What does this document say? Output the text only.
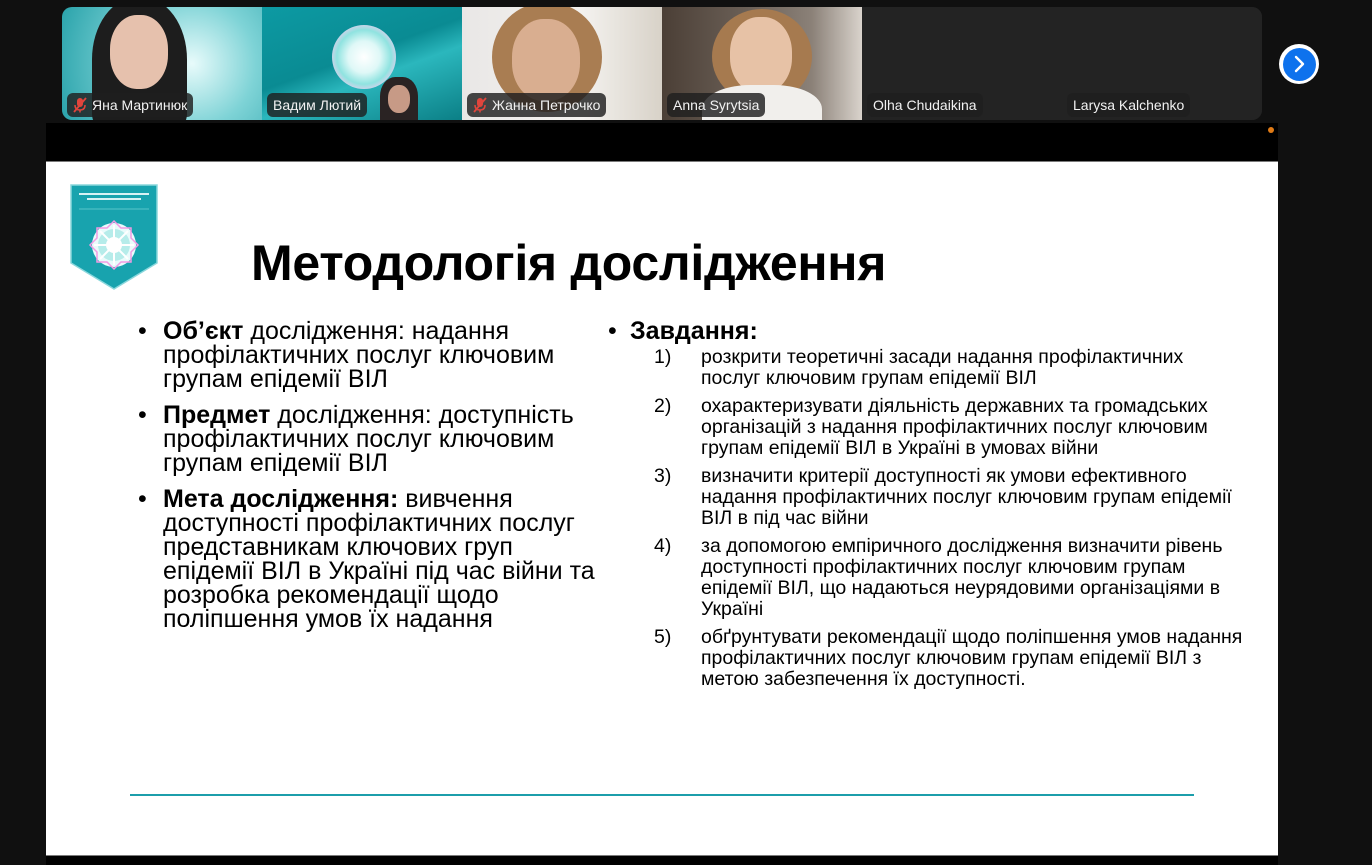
Яна Мартинюк	Вадим Лютий	Жанна Петрочко	Anna Syrytsia	Olha Chudaikina	Larysa Kalchenko
Методологія дослідження
• Об’єкт дослідження: надання профілактичних послуг ключовим групам епідемії ВІЛ
• Предмет дослідження: доступність профілактичних послуг ключовим групам епідемії ВІЛ
• Мета дослідження: вивчення доступності профілактичних послуг представникам ключових груп епідемії ВІЛ в Україні під час війни та розробка рекомендації щодо поліпшення умов їх надання
• Завдання:
1) розкрити теоретичні засади надання профілактичних послуг ключовим групам епідемії ВІЛ
2) охарактеризувати діяльність державних та громадських організацій з надання профілактичних послуг ключовим групам епідемії ВІЛ в Україні в умовах війни
3) визначити критерії доступності як умови ефективного надання профілактичних послуг ключовим групам епідемії ВІЛ в під час війни
4) за допомогою емпіричного дослідження визначити рівень доступності профілактичних послуг ключовим групам епідемії ВІЛ, що надаються неурядовими організаціями в Україні
5) обґрунтувати рекомендації щодо поліпшення умов надання профілактичних послуг ключовим групам епідемії ВІЛ з метою забезпечення їх доступності.
